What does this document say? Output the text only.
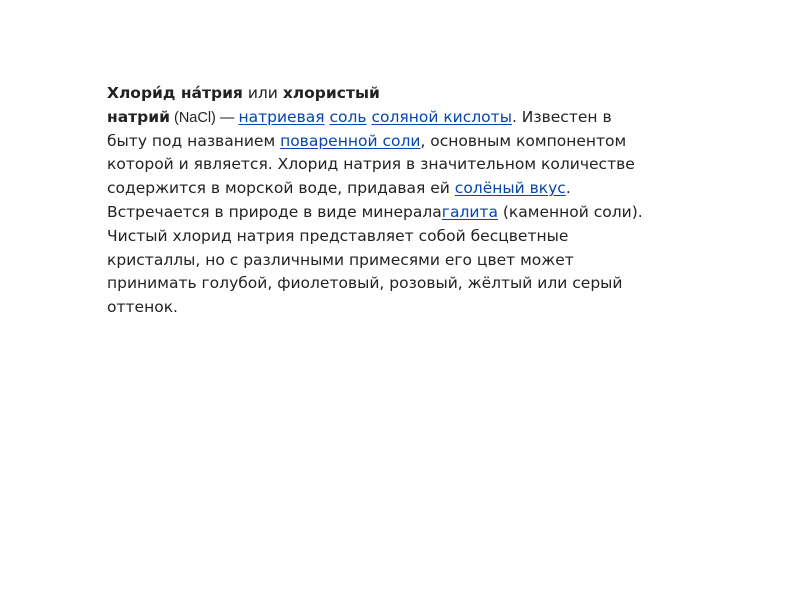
Хлори́д на́трия или хлористый
натрий (NaCl) — натриевая соль соляной кислоты. Известен в
быту под названием поваренной соли, основным компонентом
которой и является. Хлорид натрия в значительном количестве
содержится в морской воде, придавая ей солёный вкус.
Встречается в природе в виде минералагалита (каменной соли).
Чистый хлорид натрия представляет собой бесцветные
кристаллы, но с различными примесями его цвет может
принимать голубой, фиолетовый, розовый, жёлтый или серый
оттенок.
